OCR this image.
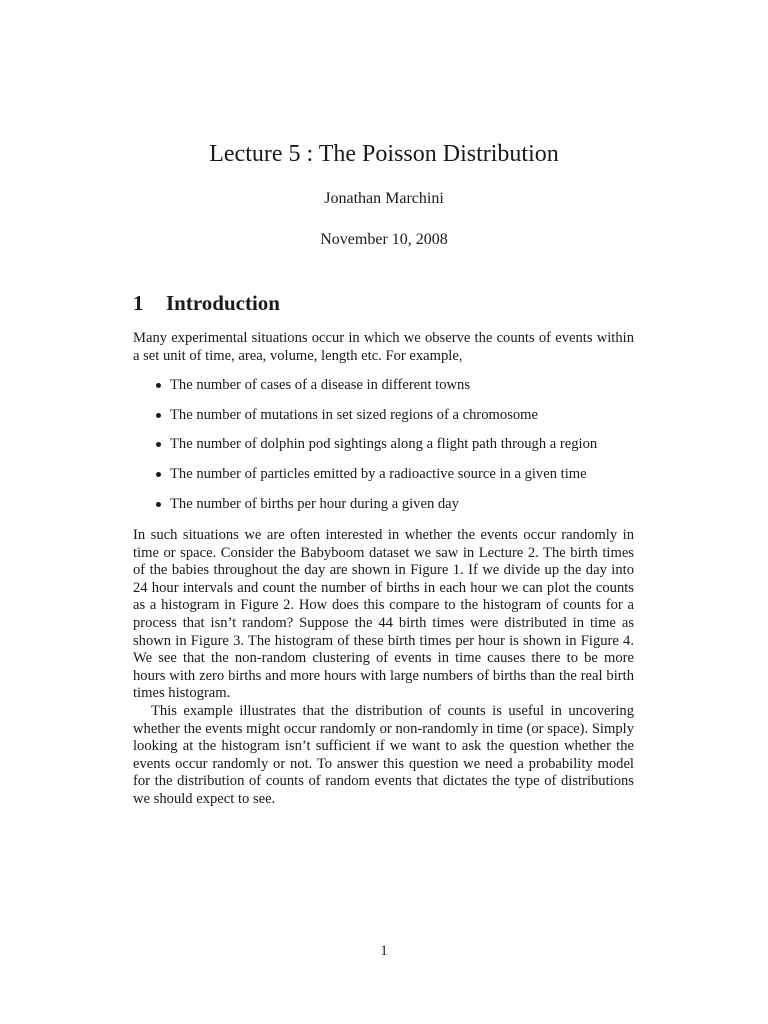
Lecture 5 : The Poisson Distribution
Jonathan Marchini
November 10, 2008
1 Introduction

Many experimental situations occur in which we observe the counts of events within a set unit of time, area, volume, length etc. For example,

The number of cases of a disease in different towns
The number of mutations in set sized regions of a chromosome
The number of dolphin pod sightings along a flight path through a region
The number of particles emitted by a radioactive source in a given time
The number of births per hour during a given day

In such situations we are often interested in whether the events occur randomly in time or space. Consider the Babyboom dataset we saw in Lecture 2. The birth times of the babies throughout the day are shown in Figure 1. If we divide up the day into 24 hour intervals and count the number of births in each hour we can plot the counts as a histogram in Figure 2. How does this compare to the histogram of counts for a process that isn’t random? Suppose the 44 birth times were distributed in time as shown in Figure 3. The histogram of these birth times per hour is shown in Figure 4. We see that the non-random clustering of events in time causes there to be more hours with zero births and more hours with large numbers of births than the real birth times histogram.

This example illustrates that the distribution of counts is useful in uncovering whether the events might occur randomly or non-randomly in time (or space). Simply looking at the histogram isn’t sufficient if we want to ask the question whether the events occur randomly or not. To answer this question we need a probability model for the distribution of counts of random events that dictates the type of distributions we should expect to see.

1
